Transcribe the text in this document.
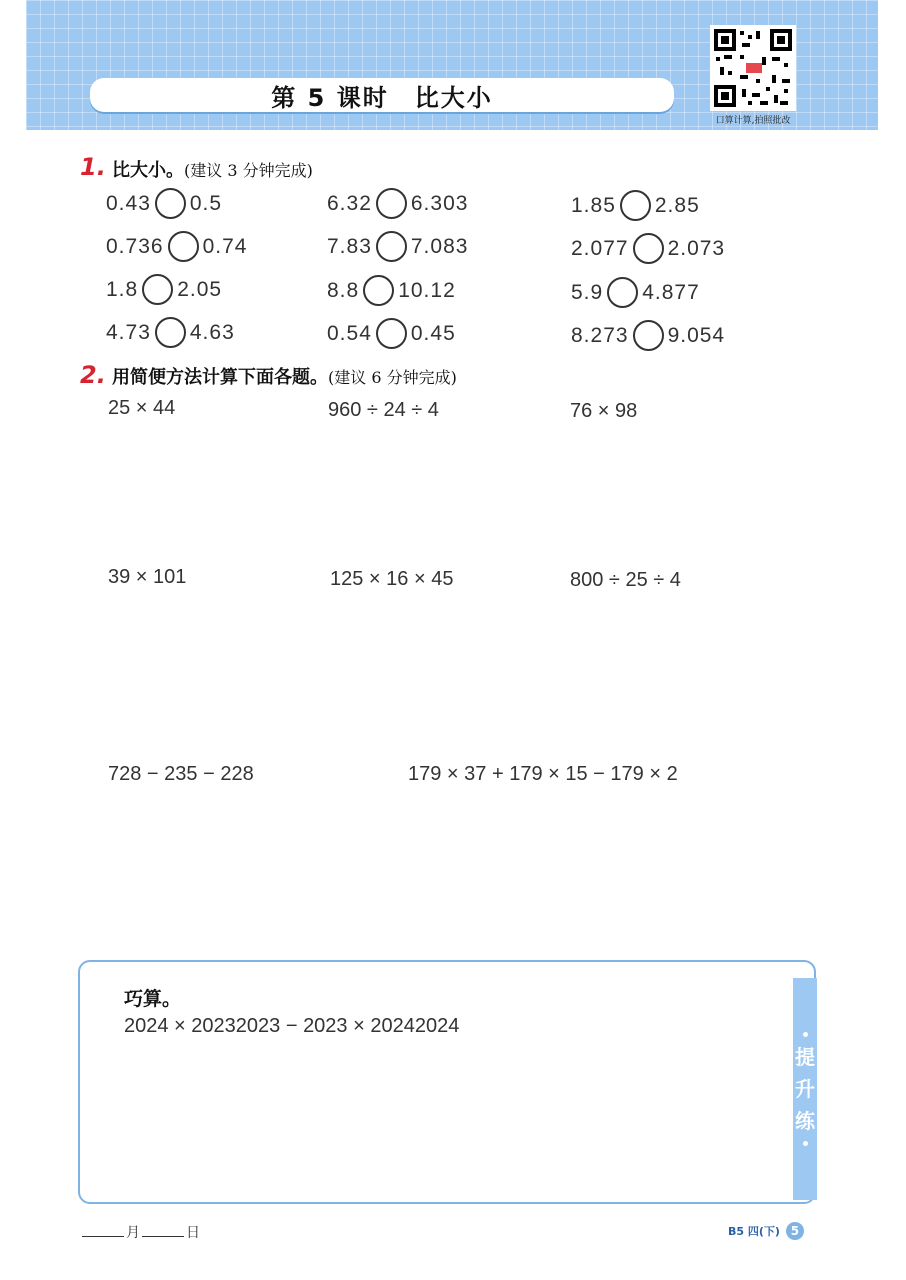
第 5 课时　比大小
口算计算,拍照批改
1. 比大小。(建议 3 分钟完成)
0.43 0.5	6.32 6.303	1.85 2.85
0.736 0.74	7.83 7.083	2.077 2.073
1.8 2.05	8.8 10.12	5.9 4.877
4.73 4.63	0.54 0.45	8.273 9.054
2. 用简便方法计算下面各题。(建议 6 分钟完成)
25 × 44	960 ÷ 24 ÷ 4	76 × 98
39 × 101	125 × 16 × 45	800 ÷ 25 ÷ 4
728 − 235 − 228	179 × 37 + 179 × 15 − 179 × 2
巧算。
2024 × 20232023 − 2023 × 20242024
提
升
练
月	日	B5 四(下) 5
